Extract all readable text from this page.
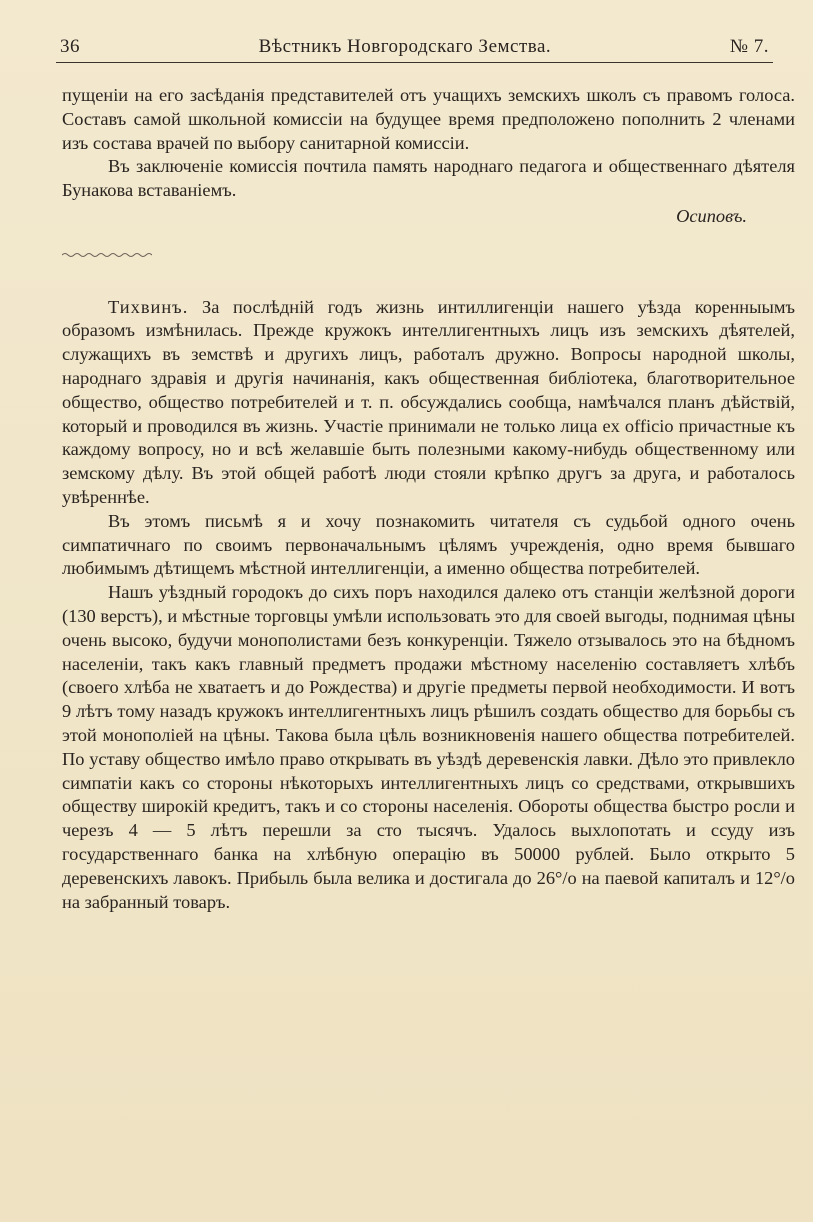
36	Вѣстникъ Новгородскаго Земства.	№ 7.

пущеніи на его засѣданія представителей отъ учащихъ земскихъ школъ съ правомъ голоса. Составъ самой школьной комиссіи на будущее время предположено пополнить 2 членами изъ состава врачей по выбору санитарной комиссіи.

Въ заключеніе комиссія почтила память народнаго педагога и общественнаго дѣятеля Бунакова вставаніемъ.

Осиповъ.

Тихвинъ. За послѣдній годъ жизнь интиллигенціи нашего уѣзда коренныымъ образомъ измѣнилась. Прежде кружокъ интеллигентныхъ лицъ изъ земскихъ дѣятелей, служащихъ въ земствѣ и другихъ лицъ, работалъ дружно. Вопросы народной школы, народнаго здравія и другія начинанія, какъ общественная библіотека, благотворительное общество, общество потребителей и т. п. обсуждались сообща, намѣчался планъ дѣйствій, который и проводился въ жизнь. Участіе принимали не только лица ex officio причастные къ каждому вопросу, но и всѣ желавшіе быть полезными какому-нибудь общественному или земскому дѣлу. Въ этой общей работѣ люди стояли крѣпко другъ за друга, и работалось увѣреннѣе.

Въ этомъ письмѣ я и хочу познакомить читателя съ судьбой одного очень симпатичнаго по своимъ первоначальнымъ цѣлямъ учрежденія, одно время бывшаго любимымъ дѣтищемъ мѣстной интеллигенціи, а именно общества потребителей.

Нашъ уѣздный городокъ до сихъ поръ находился далеко отъ станціи желѣзной дороги (130 верстъ), и мѣстные торговцы умѣли использовать это для своей выгоды, поднимая цѣны очень высоко, будучи монополистами безъ конкуренціи. Тяжело отзывалось это на бѣдномъ населеніи, такъ какъ главный предметъ продажи мѣстному населенію составляетъ хлѣбъ (своего хлѣба не хватаетъ и до Рождества) и другіе предметы первой необходимости. И вотъ 9 лѣтъ тому назадъ кружокъ интеллигентныхъ лицъ рѣшилъ создать общество для борьбы съ этой монополіей на цѣны. Такова была цѣль возникновенія нашего общества потребителей. По уставу общество имѣло право открывать въ уѣздѣ деревенскія лавки. Дѣло это привлекло симпатіи какъ со стороны нѣкоторыхъ интеллигентныхъ лицъ со средствами, открывшихъ обществу широкій кредитъ, такъ и со стороны населенія. Обороты общества быстро росли и черезъ 4 — 5 лѣтъ перешли за сто тысячъ. Удалось выхлопотать и ссуду изъ государственнаго банка на хлѣбную операцію въ 50000 рублей. Было открыто 5 деревенскихъ лавокъ. Прибыль была велика и достигала до 26°/о на паевой капиталъ и 12°/о на забранный товаръ.
